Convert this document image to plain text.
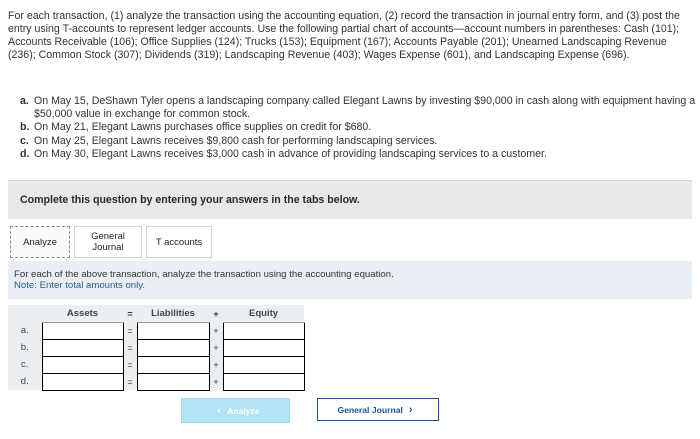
For each transaction, (1) analyze the transaction using the accounting equation, (2) record the transaction in journal entry form, and (3) post the entry using T-accounts to represent ledger accounts. Use the following partial chart of accounts—account numbers in parentheses: Cash (101); Accounts Receivable (106); Office Supplies (124); Trucks (153); Equipment (167); Accounts Payable (201); Unearned Landscaping Revenue (236); Common Stock (307); Dividends (319); Landscaping Revenue (403); Wages Expense (601), and Landscaping Expense (696).
a. On May 15, DeShawn Tyler opens a landscaping company called Elegant Lawns by investing $90,000 in cash along with equipment having a $50,000 value in exchange for common stock.
b. On May 21, Elegant Lawns purchases office supplies on credit for $680.
c. On May 25, Elegant Lawns receives $9,800 cash for performing landscaping services.
d. On May 30, Elegant Lawns receives $3,000 cash in advance of providing landscaping services to a customer.
Complete this question by entering your answers in the tabs below.
Analyze	General
Journal	T accounts
For each of the above transaction, analyze the transaction using the accounting equation.
Note: Enter total amounts only.
	Assets	=	Liabilities	+	Equity
a.		=		+	
b.		=		+	
c.		=		+	
d.		=		+	
‹ Analyze	General Journal ›
